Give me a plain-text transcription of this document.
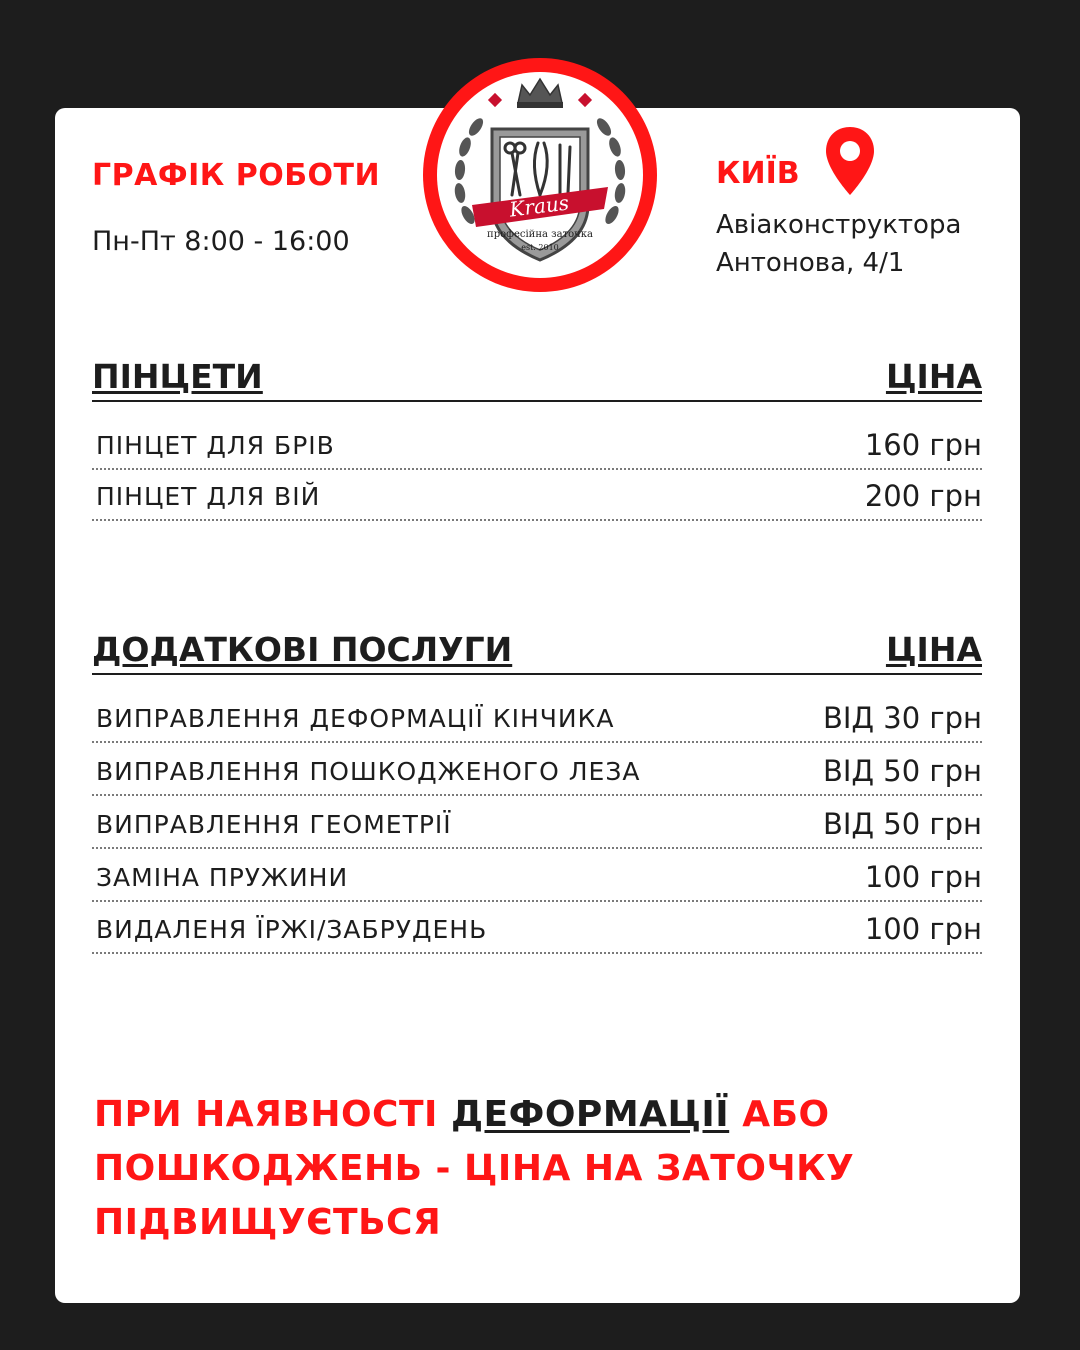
ГРАФІК РОБОТИ
Пн-Пт 8:00 - 16:00
Kraus
професійна заточка
est. 2010
КИЇВ
Авіаконструктора
Антонова, 4/1
ПІНЦЕТИ	ЦІНА
ПІНЦЕТ ДЛЯ БРІВ	160 грн
ПІНЦЕТ ДЛЯ ВІЙ	200 грн
ДОДАТКОВІ ПОСЛУГИ	ЦІНА
ВИПРАВЛЕННЯ ДЕФОРМАЦІЇ КІНЧИКА	ВІД 30 грн
ВИПРАВЛЕННЯ ПОШКОДЖЕНОГО ЛЕЗА	ВІД 50 грн
ВИПРАВЛЕННЯ ГЕОМЕТРІЇ	ВІД 50 грн
ЗАМІНА ПРУЖИНИ	100 грн
ВИДАЛЕНЯ ЇРЖІ/ЗАБРУДЕНЬ	100 грн
ПРИ НАЯВНОСТІ ДЕФОРМАЦІЇ АБО ПОШКОДЖЕНЬ - ЦІНА НА ЗАТОЧКУ ПІДВИЩУЄТЬСЯ
